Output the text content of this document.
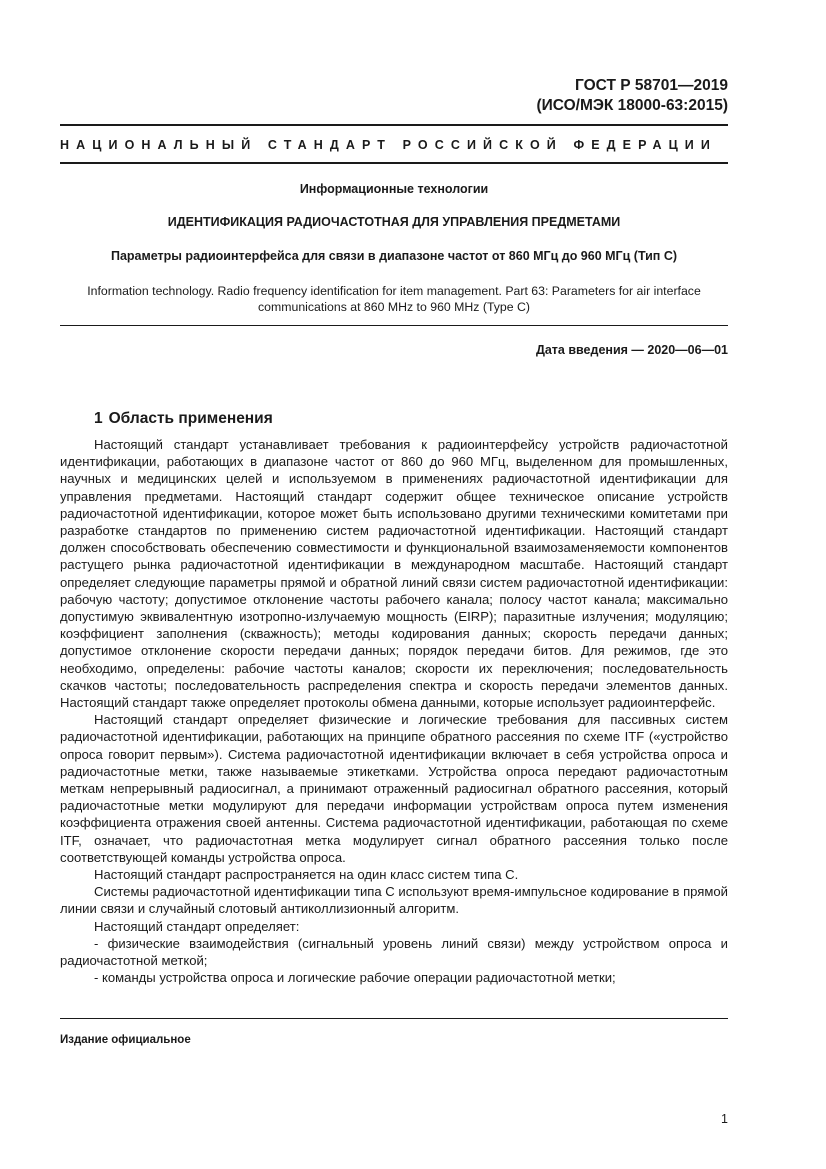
ГОСТ Р 58701—2019
(ИСО/МЭК 18000-63:2015)
НАЦИОНАЛЬНЫЙ СТАНДАРТ РОССИЙСКОЙ ФЕДЕРАЦИИ
Информационные технологии
ИДЕНТИФИКАЦИЯ РАДИОЧАСТОТНАЯ ДЛЯ УПРАВЛЕНИЯ ПРЕДМЕТАМИ
Параметры радиоинтерфейса для связи в диапазоне частот от 860 МГц до 960 МГц (Тип С)
Information technology. Radio frequency identification for item management. Part 63: Parameters for air interface
communications at 860 MHz to 960 MHz (Type C)
Дата введения — 2020—06—01
1 Область применения

Настоящий стандарт устанавливает требования к радиоинтерфейсу устройств радиочастотной идентификации, работающих в диапазоне частот от 860 до 960 МГц, выделенном для промышленных, научных и медицинских целей и используемом в применениях радиочастотной идентификации для управления предметами. Настоящий стандарт содержит общее техническое описание устройств радиочастотной идентификации, которое может быть использовано другими техническими комитетами при разработке стандартов по применению систем радиочастотной идентификации. Настоящий стандарт должен способствовать обеспечению совместимости и функциональной взаимозаменяемости компонентов растущего рынка радиочастотной идентификации в международном масштабе. Настоящий стандарт определяет следующие параметры прямой и обратной линий связи систем радиочастотной идентификации: рабочую частоту; допустимое отклонение частоты рабочего канала; полосу частот канала; максимально допустимую эквивалентную изотропно-излучаемую мощность (EIRP); паразитные излучения; модуляцию; коэффициент заполнения (скважность); методы кодирования данных; скорость передачи данных; допустимое отклонение скорости передачи данных; порядок передачи битов. Для режимов, где это необходимо, определены: рабочие частоты каналов; скорости их переключения; последовательность скачков частоты; последовательность распределения спектра и скорость передачи элементов данных. Настоящий стандарт также определяет протоколы обмена данными, которые использует радиоинтерфейс.

Настоящий стандарт определяет физические и логические требования для пассивных систем радиочастотной идентификации, работающих на принципе обратного рассеяния по схеме ITF («устройство опроса говорит первым»). Система радиочастотной идентификации включает в себя устройства опроса и радиочастотные метки, также называемые этикетками. Устройства опроса передают радиочастотным меткам непрерывный радиосигнал, а принимают отраженный радиосигнал обратного рассеяния, который радиочастотные метки модулируют для передачи информации устройствам опроса путем изменения коэффициента отражения своей антенны. Система радиочастотной идентификации, работающая по схеме ITF, означает, что радиочастотная метка модулирует сигнал обратного рассеяния только после соответствующей команды устройства опроса.

Настоящий стандарт распространяется на один класс систем типа С.

Системы радиочастотной идентификации типа С используют время-импульсное кодирование в прямой линии связи и случайный слотовый антиколлизионный алгоритм.

Настоящий стандарт определяет:

- физические взаимодействия (сигнальный уровень линий связи) между устройством опроса и радиочастотной меткой;

- команды устройства опроса и логические рабочие операции радиочастотной метки;

Издание официальное
1
